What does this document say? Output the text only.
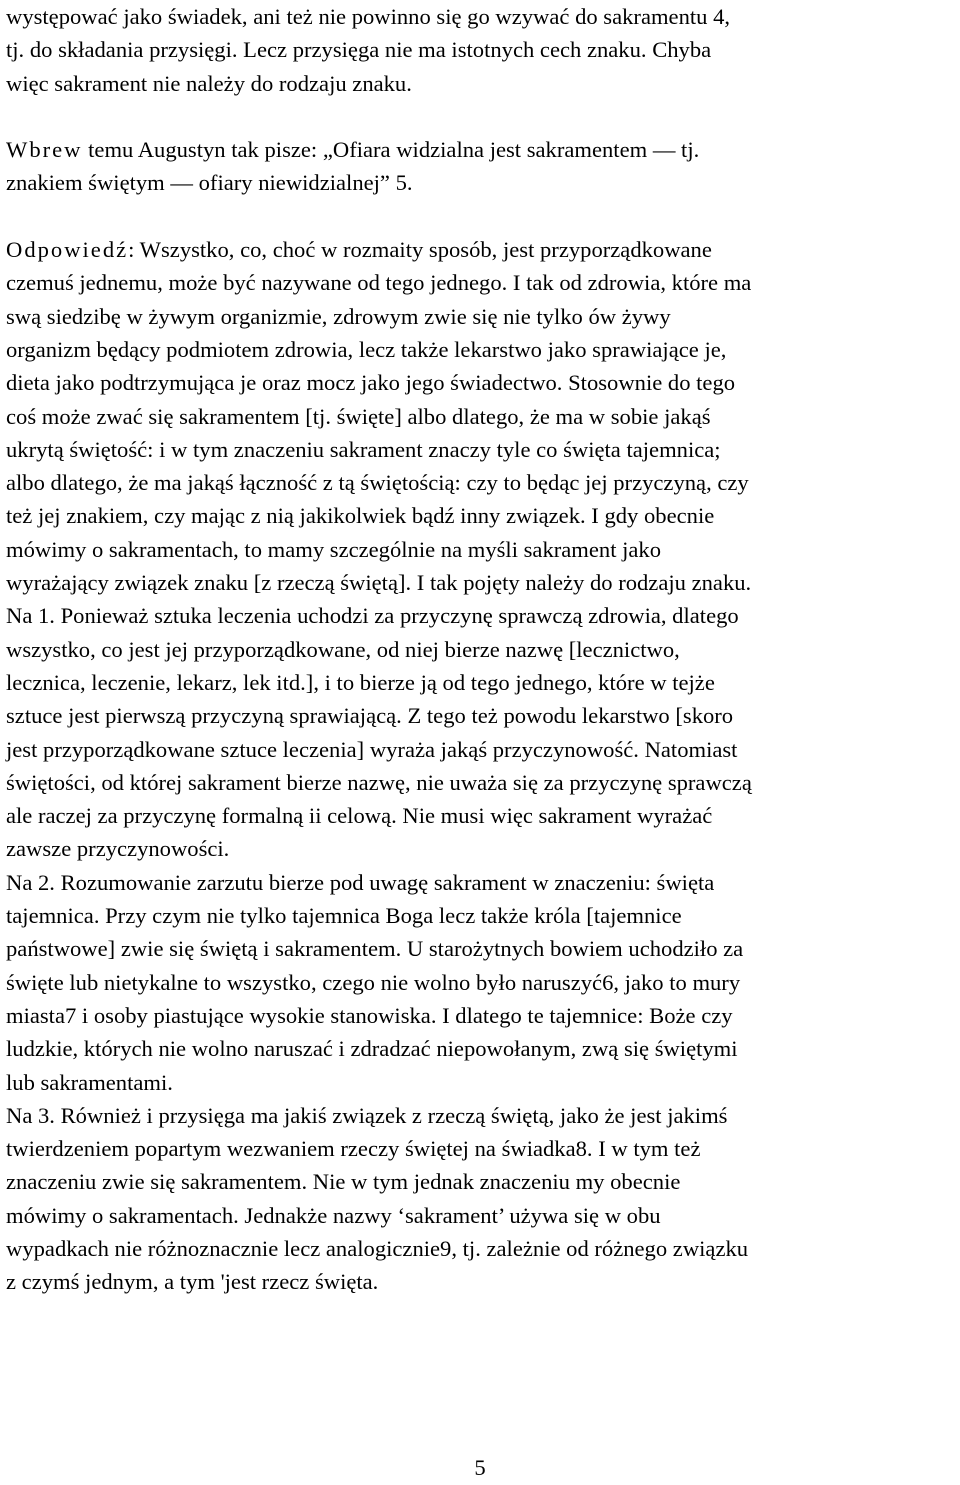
występować jako świadek, ani też nie powinno się go wzywać do sakramentu 4,
tj. do składania przysięgi. Lecz przysięga nie ma istotnych cech znaku. Chyba
więc sakrament nie należy do rodzaju znaku.
Wbrew temu Augustyn tak pisze: „Ofiara widzialna jest sakramentem — tj.
znakiem świętym — ofiary niewidzialnej” 5.
Odpowiedź: Wszystko, co, choć w rozmaity sposób, jest przyporządkowane
czemuś jednemu, może być nazywane od tego jednego. I tak od zdrowia, które ma
swą siedzibę w żywym organizmie, zdrowym zwie się nie tylko ów żywy
organizm będący podmiotem zdrowia, lecz także lekarstwo jako sprawiające je,
dieta jako podtrzymująca je oraz mocz jako jego świadectwo. Stosownie do tego
coś może zwać się sakramentem [tj. święte] albo dlatego, że ma w sobie jakąś
ukrytą świętość: i w tym znaczeniu sakrament znaczy tyle co święta tajemnica;
albo dlatego, że ma jakąś łączność z tą świętością: czy to będąc jej przyczyną, czy
też jej znakiem, czy mając z nią jakikolwiek bądź inny związek. I gdy obecnie
mówimy o sakramentach, to mamy szczególnie na myśli sakrament jako
wyrażający związek znaku [z rzeczą świętą]. I tak pojęty należy do rodzaju znaku.
Na 1. Ponieważ sztuka leczenia uchodzi za przyczynę sprawczą zdrowia, dlatego
wszystko, co jest jej przyporządkowane, od niej bierze nazwę [lecznictwo,
lecznica, leczenie, lekarz, lek itd.], i to bierze ją od tego jednego, które w tejże
sztuce jest pierwszą przyczyną sprawiającą. Z tego też powodu lekarstwo [skoro
jest przyporządkowane sztuce leczenia] wyraża jakąś przyczynowość. Natomiast
świętości, od której sakrament bierze nazwę, nie uważa się za przyczynę sprawczą
ale raczej za przyczynę formalną ii celową. Nie musi więc sakrament wyrażać
zawsze przyczynowości.
Na 2. Rozumowanie zarzutu bierze pod uwagę sakrament w znaczeniu: święta
tajemnica. Przy czym nie tylko tajemnica Boga lecz także króla [tajemnice
państwowe] zwie się świętą i sakramentem. U starożytnych bowiem uchodziło za
święte lub nietykalne to wszystko, czego nie wolno było naruszyć6, jako to mury
miasta7 i osoby piastujące wysokie stanowiska. I dlatego te tajemnice: Boże czy
ludzkie, których nie wolno naruszać i zdradzać niepowołanym, zwą się świętymi
lub sakramentami.
Na 3. Również i przysięga ma jakiś związek z rzeczą świętą, jako że jest jakimś
twierdzeniem popartym wezwaniem rzeczy świętej na świadka8. I w tym też
znaczeniu zwie się sakramentem. Nie w tym jednak znaczeniu my obecnie
mówimy o sakramentach. Jednakże nazwy ‘sakrament’ używa się w obu
wypadkach nie różnoznacznie lecz analogicznie9, tj. zależnie od różnego związku
z czymś jednym, a tym 'jest rzecz święta.
5
